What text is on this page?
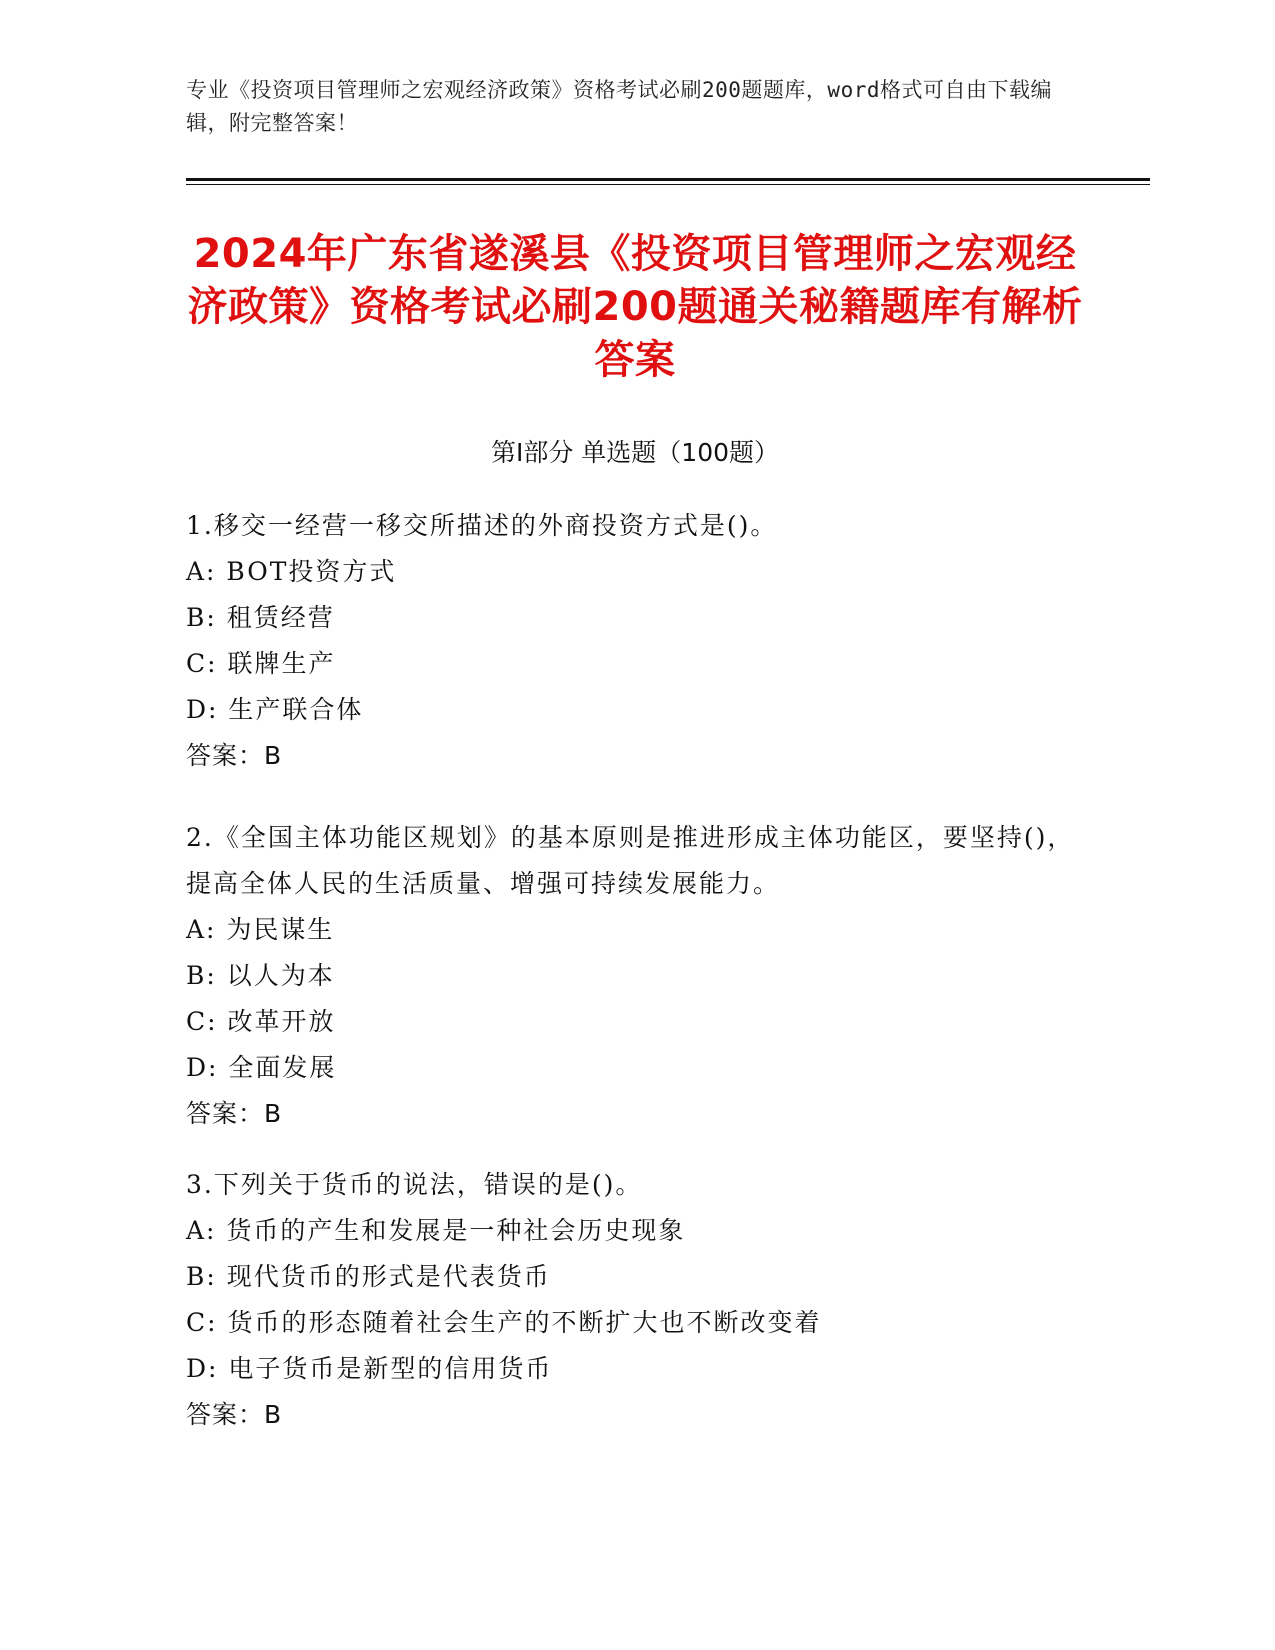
专业《投资项目管理师之宏观经济政策》资格考试必刷200题题库，word格式可自由下载编辑，附完整答案！
2024年广东省遂溪县《投资项目管理师之宏观经济政策》资格考试必刷200题通关秘籍题库有解析答案
第Ⅰ部分 单选题（100题）
1.移交一经营一移交所描述的外商投资方式是()。
A: BOT投资方式
B: 租赁经营
C: 联牌生产
D: 生产联合体
答案：B
2.《全国主体功能区规划》的基本原则是推进形成主体功能区，要坚持()，提高全体人民的生活质量、增强可持续发展能力。
A: 为民谋生
B: 以人为本
C: 改革开放
D: 全面发展
答案：B
3.下列关于货币的说法，错误的是()。
A: 货币的产生和发展是一种社会历史现象
B: 现代货币的形式是代表货币
C: 货币的形态随着社会生产的不断扩大也不断改变着
D: 电子货币是新型的信用货币
答案：B
